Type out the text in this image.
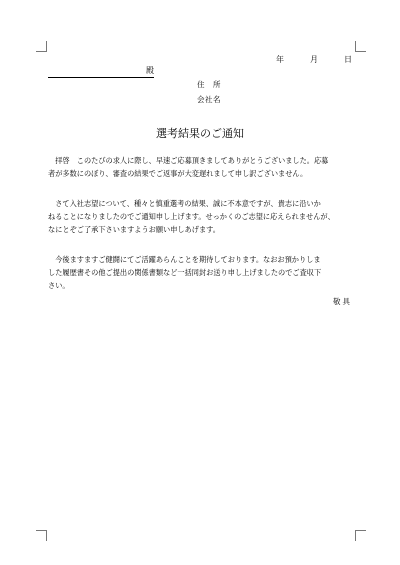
年	月	日
殿
住　所
会社名
選考結果のご通知

　拝啓　このたびの求人に際し、早速ご応募頂きましてありがとうございました。応募

者が多数にのぼり、審査の結果でご返事が大変遅れまして申し訳ございません。

　さて入社志望について、種々と慎重選考の結果、誠に不本意ですが、貴志に沿いか

ねることになりましたのでご通知申し上げます。せっかくのご志望に応えられませんが、

なにとぞご了承下さいますようお願い申しあげます。

　今後ますますご健闘にてご活躍あらんことを期待しております。なおお預かりしま

した履歴書その他ご提出の関係書類など一括同封お送り申し上げましたのでご査収下

さい。

敬具
